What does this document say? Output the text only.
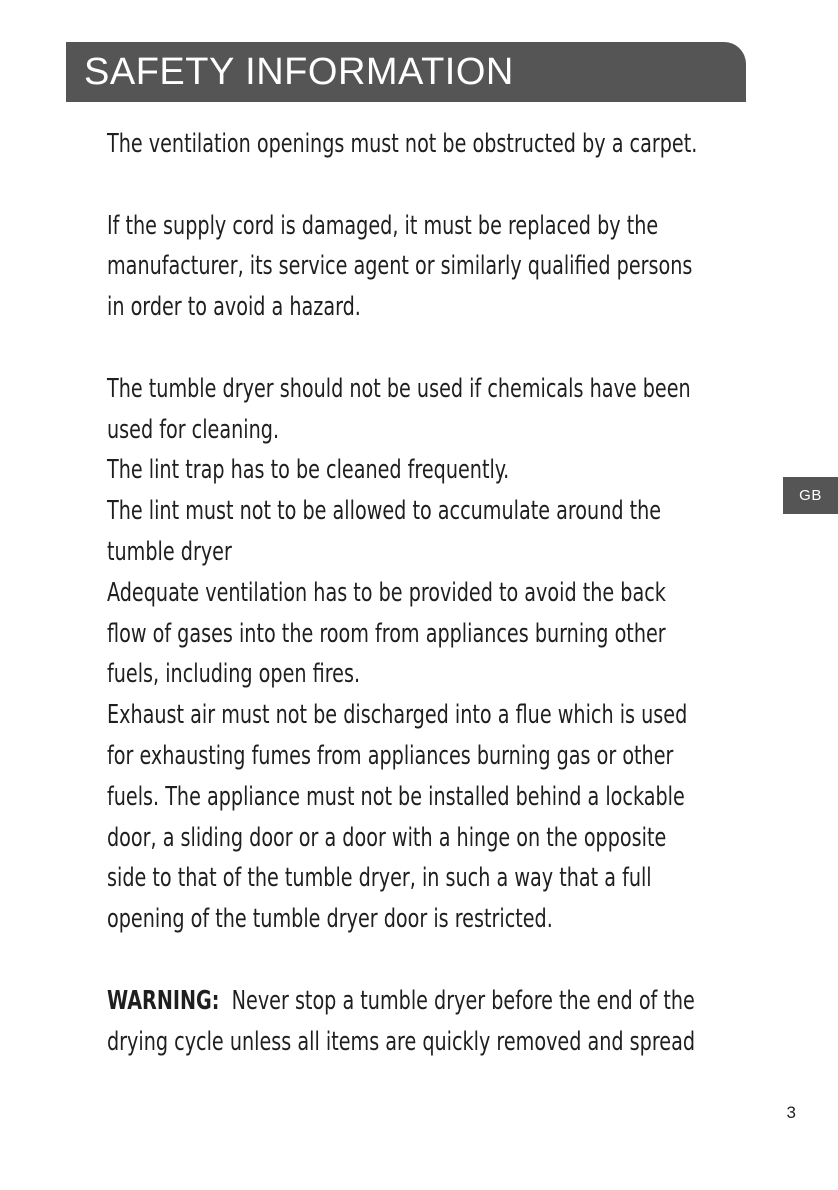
SAFETY INFORMATION
GB

The ventilation openings must not be obstructed by a carpet.

If the supply cord is damaged, it must be replaced by the
manufacturer, its service agent or similarly qualified persons
in order to avoid a hazard.

The tumble dryer should not be used if chemicals have been
used for cleaning.
The lint trap has to be cleaned frequently.
The lint must not to be allowed to accumulate around the
tumble dryer
Adequate ventilation has to be provided to avoid the back
flow of gases into the room from appliances burning other
fuels, including open fires.
Exhaust air must not be discharged into a flue which is used
for exhausting fumes from appliances burning gas or other
fuels. The appliance must not be installed behind a lockable
door, a sliding door or a door with a hinge on the opposite
side to that of the tumble dryer, in such a way that a full
opening of the tumble dryer door is restricted.

WARNING: Never stop a tumble dryer before the end of the
drying cycle unless all items are quickly removed and spread

3
